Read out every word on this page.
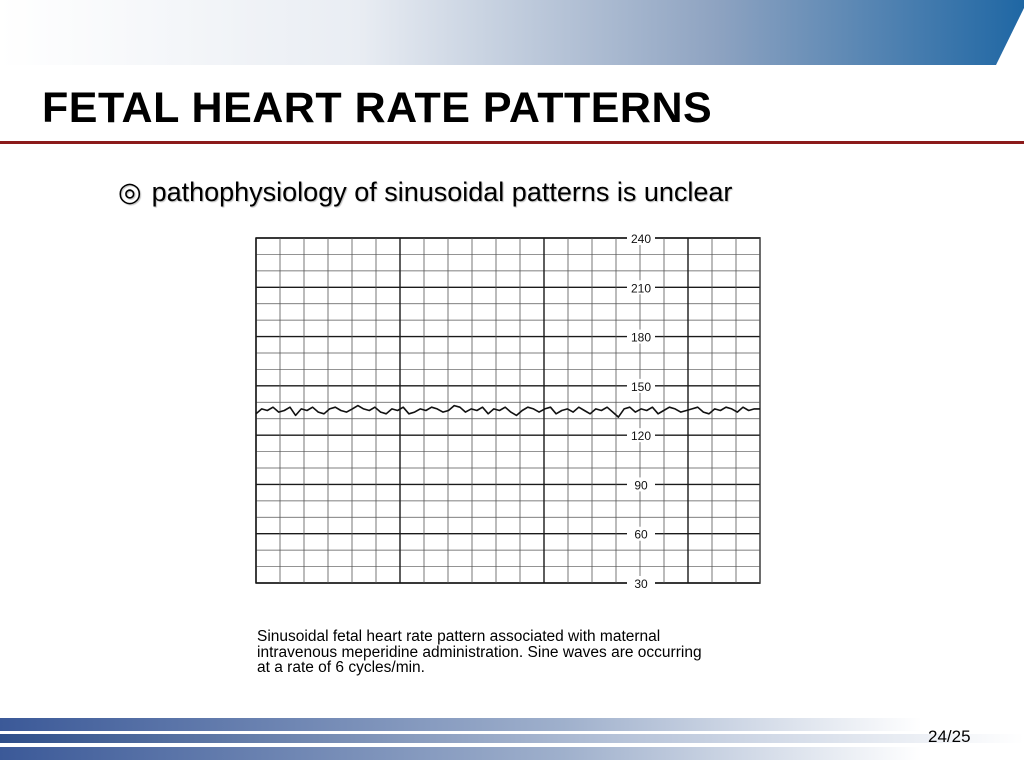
FETAL HEART RATE PATTERNS
◎ pathophysiology of sinusoidal patterns is unclear
240
210
180
150
120
90
60
30
Sinusoidal fetal heart rate pattern associated with maternal
intravenous meperidine administration. Sine waves are occurring
at a rate of 6 cycles/min.
24/25
